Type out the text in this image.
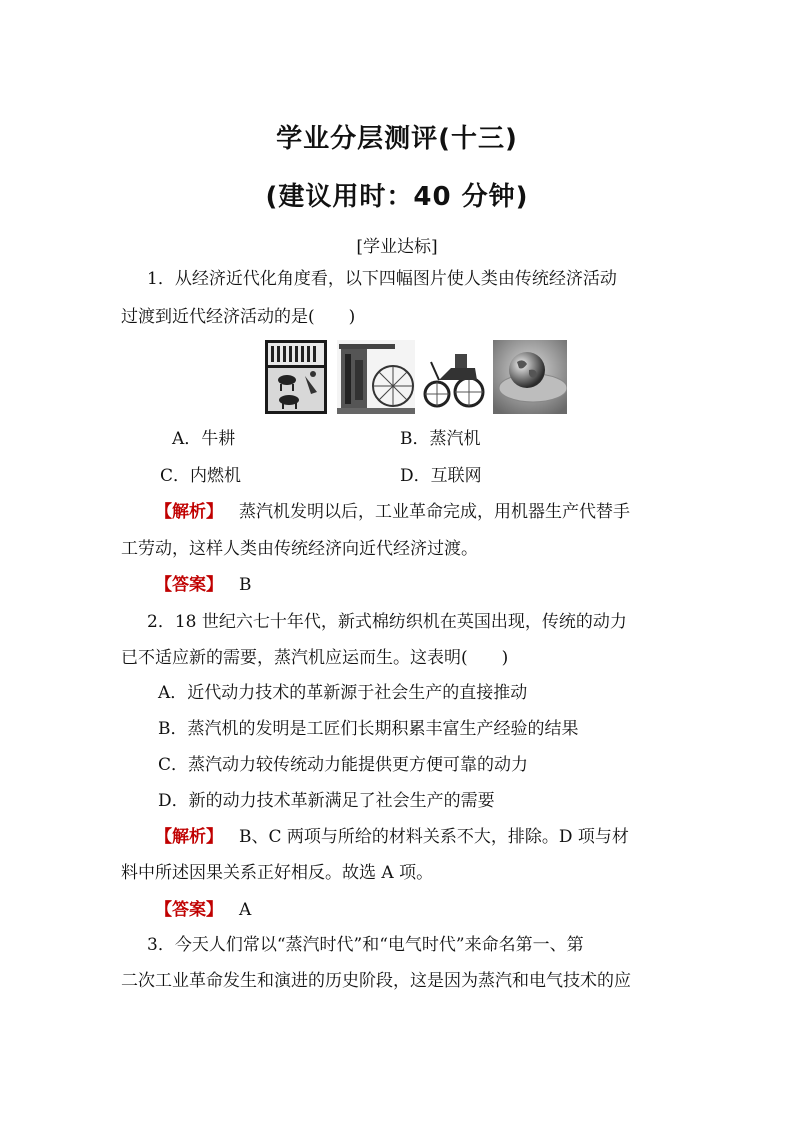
学业分层测评(十三)
(建议用时：40 分钟)
[学业达标]
1．从经济近代化角度看，以下四幅图片使人类由传统经济活动
过渡到近代经济活动的是(　　)
A．牛耕	B．蒸汽机
C．内燃机	D．互联网
【解析】 蒸汽机发明以后，工业革命完成，用机器生产代替手
工劳动，这样人类由传统经济向近代经济过渡。
【答案】 B
2．18 世纪六七十年代，新式棉纺织机在英国出现，传统的动力
已不适应新的需要，蒸汽机应运而生。这表明(　　)
A．近代动力技术的革新源于社会生产的直接推动
B．蒸汽机的发明是工匠们长期积累丰富生产经验的结果
C．蒸汽动力较传统动力能提供更方便可靠的动力
D．新的动力技术革新满足了社会生产的需要
【解析】 B、C 两项与所给的材料关系不大，排除。D 项与材
料中所述因果关系正好相反。故选 A 项。
【答案】 A
3．今天人们常以“蒸汽时代”和“电气时代”来命名第一、第
二次工业革命发生和演进的历史阶段，这是因为蒸汽和电气技术的应
